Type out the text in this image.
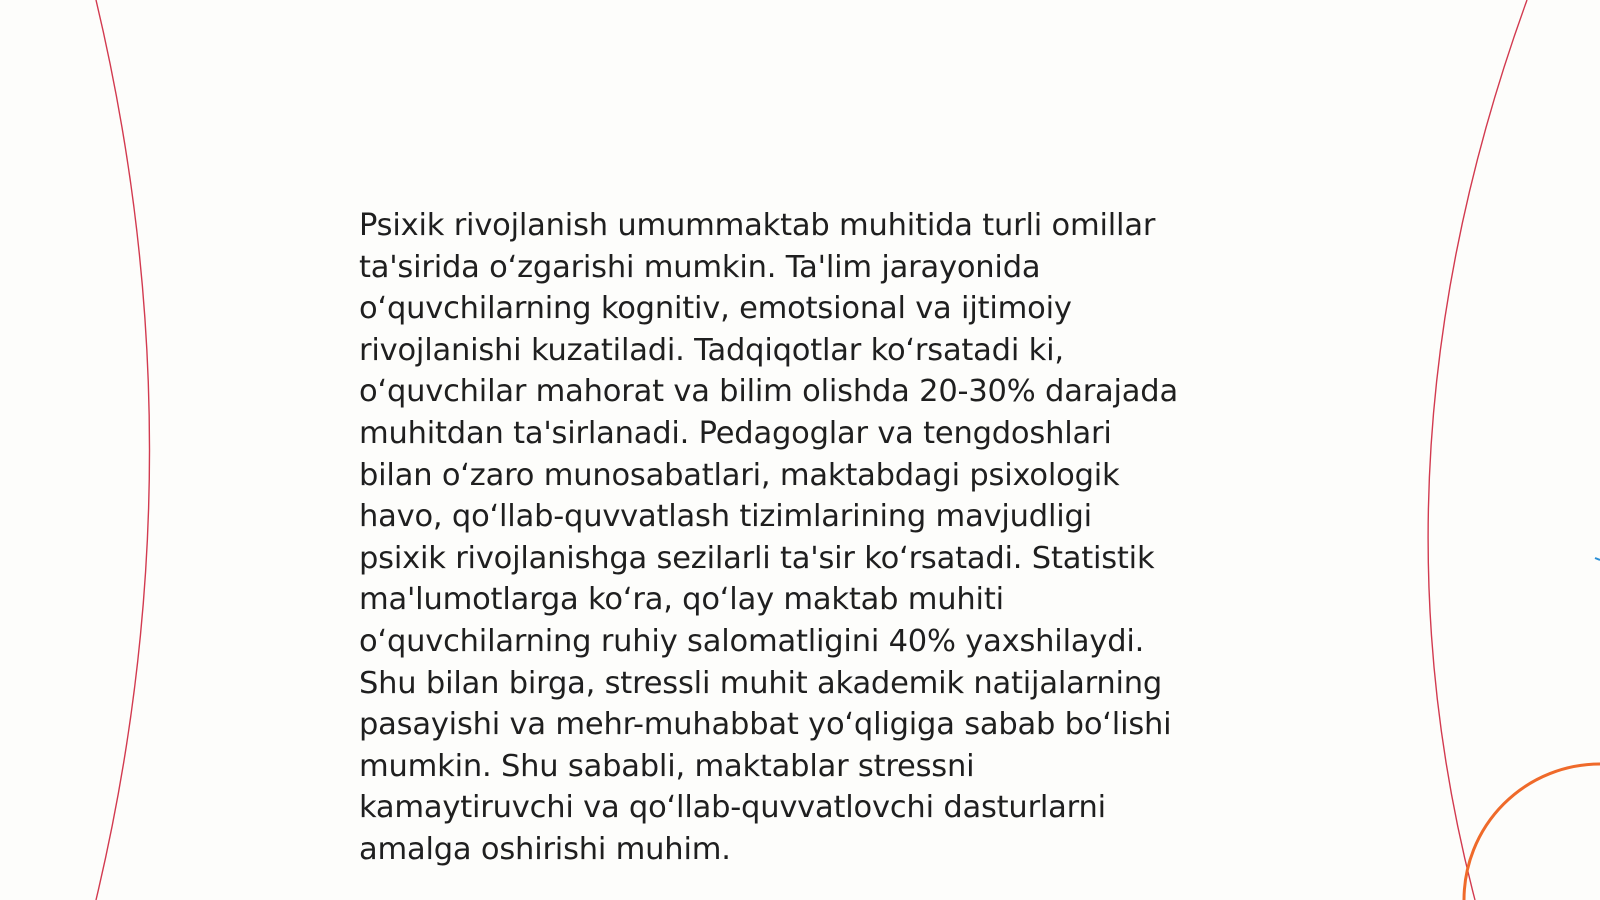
Psixik rivojlanish umummaktab muhitida turli omillar
ta'sirida oʻzgarishi mumkin. Ta'lim jarayonida
oʻquvchilarning kognitiv, emotsional va ijtimoiy
rivojlanishi kuzatiladi. Tadqiqotlar koʻrsatadi ki,
oʻquvchilar mahorat va bilim olishda 20-30% darajada
muhitdan ta'sirlanadi. Pedagoglar va tengdoshlari
bilan oʻzaro munosabatlari, maktabdagi psixologik
havo, qoʻllab-quvvatlash tizimlarining mavjudligi
psixik rivojlanishga sezilarli ta'sir koʻrsatadi. Statistik
ma'lumotlarga koʻra, qoʻlay maktab muhiti
oʻquvchilarning ruhiy salomatligini 40% yaxshilaydi.
Shu bilan birga, stressli muhit akademik natijalarning
pasayishi va mehr-muhabbat yoʻqligiga sabab boʻlishi
mumkin. Shu sababli, maktablar stressni
kamaytiruvchi va qoʻllab-quvvatlovchi dasturlarni
amalga oshirishi muhim.
